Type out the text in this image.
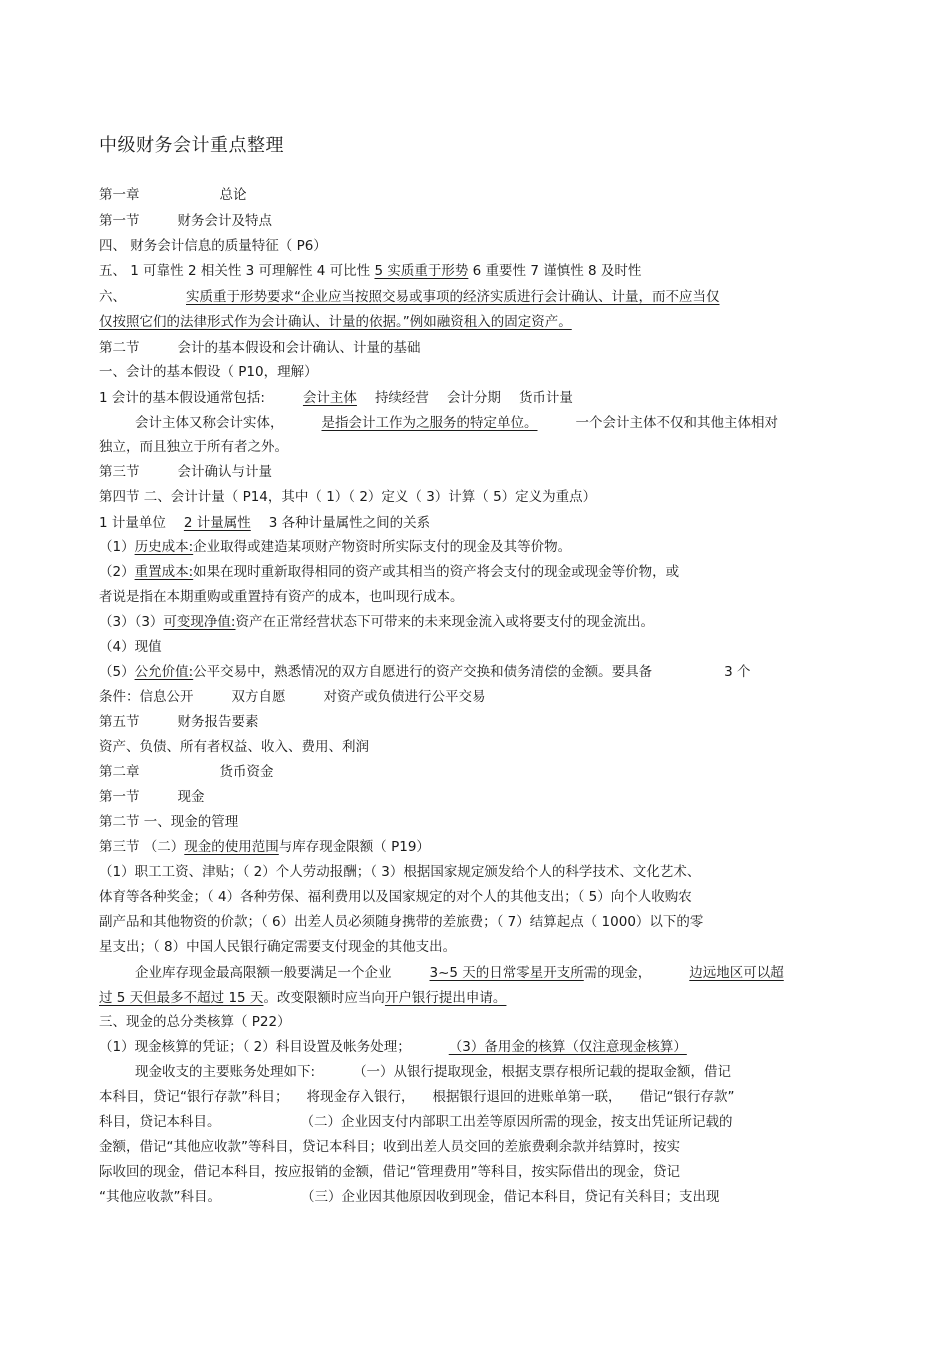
中级财务会计重点整理
第一章	总论
第一节	财务会计及特点
四、 财务会计信息的质量特征（ P6）
五、 1 可靠性 2 相关性 3 可理解性 4 可比性 5 实质重于形势 6 重要性 7 谨慎性 8 及时性
六、	实质重于形势要求“企业应当按照交易或事项的经济实质进行会计确认、计量，而不应当仅
仅按照它们的法律形式作为会计确认、计量的依据。”例如融资租入的固定资产。
第二节	会计的基本假设和会计确认、计量的基础
一、会计的基本假设（ P10，理解）
1 会计的基本假设通常包括:	会计主体 持续经营 会计分期 货币计量
会计主体又称会计实体，	是指会计工作为之服务的特定单位。	一个会计主体不仅和其他主体相对
独立，而且独立于所有者之外。
第三节	会计确认与计量
第四节 二、会计计量（ P14，其中（ 1）（ 2）定义（ 3）计算（ 5）定义为重点）
1 计量单位 2 计量属性 3 各种计量属性之间的关系
（1）历史成本:企业取得或建造某项财产物资时所实际支付的现金及其等价物。
（2）重置成本:如果在现时重新取得相同的资产或其相当的资产将会支付的现金或现金等价物，或
者说是指在本期重购或重置持有资产的成本，也叫现行成本。
（3）（3）可变现净值:资产在正常经营状态下可带来的未来现金流入或将要支付的现金流出。
（4）现值
（5）公允价值:公平交易中，熟悉情况的双方自愿进行的资产交换和债务清偿的金额。要具备	3 个
条件：信息公开	双方自愿	对资产或负债进行公平交易
第五节	财务报告要素
资产、负债、所有者权益、收入、费用、利润
第二章	货币资金
第一节	现金
第二节 一、现金的管理
第三节 （二）现金的使用范围与库存现金限额（ P19）
（1）职工工资、津贴；（ 2）个人劳动报酬；（ 3）根据国家规定颁发给个人的科学技术、文化艺术、
体育等各种奖金；（ 4）各种劳保、福利费用以及国家规定的对个人的其他支出；（ 5）向个人收购农
副产品和其他物资的价款；（ 6）出差人员必须随身携带的差旅费；（ 7）结算起点（ 1000）以下的零
星支出；（ 8）中国人民银行确定需要支付现金的其他支出。
企业库存现金最高限额一般要满足一个企业	3~5 天的日常零星开支所需的现金，	边远地区可以超
过 5 天但最多不超过 15 天。改变限额时应当向开户银行提出申请。
三、现金的总分类核算（ P22）
（1）现金核算的凭证；（ 2）科目设置及帐务处理；	（3）备用金的核算（仅注意现金核算）
现金收支的主要账务处理如下:	（一）从银行提取现金，根据支票存根所记载的提取金额，借记
本科目，贷记“银行存款”科目； 将现金存入银行， 根据银行退回的进账单第一联， 借记“银行存款”
科目，贷记本科目。	（二）企业因支付内部职工出差等原因所需的现金，按支出凭证所记载的
金额，借记“其他应收款”等科目，贷记本科目；收到出差人员交回的差旅费剩余款并结算时，按实
际收回的现金，借记本科目，按应报销的金额，借记“管理费用”等科目，按实际借出的现金，贷记
“其他应收款”科目。	（三）企业因其他原因收到现金，借记本科目，贷记有关科目；支出现
